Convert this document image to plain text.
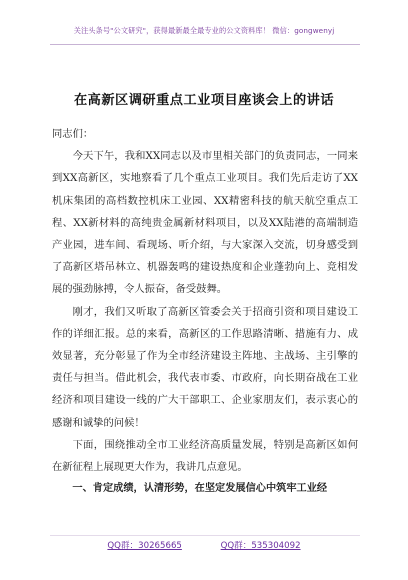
关注头条号"公文研究"，获得最新最全最专业的公文资料库！ 微信：gongwenyj
在高新区调研重点工业项目座谈会上的讲话

同志们：

今天下午，我和XX同志以及市里相关部门的负责同志，一同来到XX高新区，实地察看了几个重点工业项目。我们先后走访了XX机床集团的高档数控机床工业园、XX精密科技的航天航空重点工程、XX新材料的高纯贵金属新材料项目，以及XX陆港的高端制造产业园，进车间、看现场、听介绍，与大家深入交流，切身感受到了高新区塔吊林立、机器轰鸣的建设热度和企业蓬勃向上、竞相发展的强劲脉搏，令人振奋，备受鼓舞。

刚才，我们又听取了高新区管委会关于招商引资和项目建设工作的详细汇报。总的来看，高新区的工作思路清晰、措施有力、成效显著，充分彰显了作为全市经济建设主阵地、主战场、主引擎的责任与担当。借此机会，我代表市委、市政府，向长期奋战在工业经济和项目建设一线的广大干部职工、企业家朋友们，表示衷心的感谢和诚挚的问候！

下面，围绕推动全市工业经济高质量发展，特别是高新区如何在新征程上展现更大作为，我讲几点意见。

一、肯定成绩，认清形势，在坚定发展信心中筑牢工业经

QQ群：30265665	QQ群：535304092
